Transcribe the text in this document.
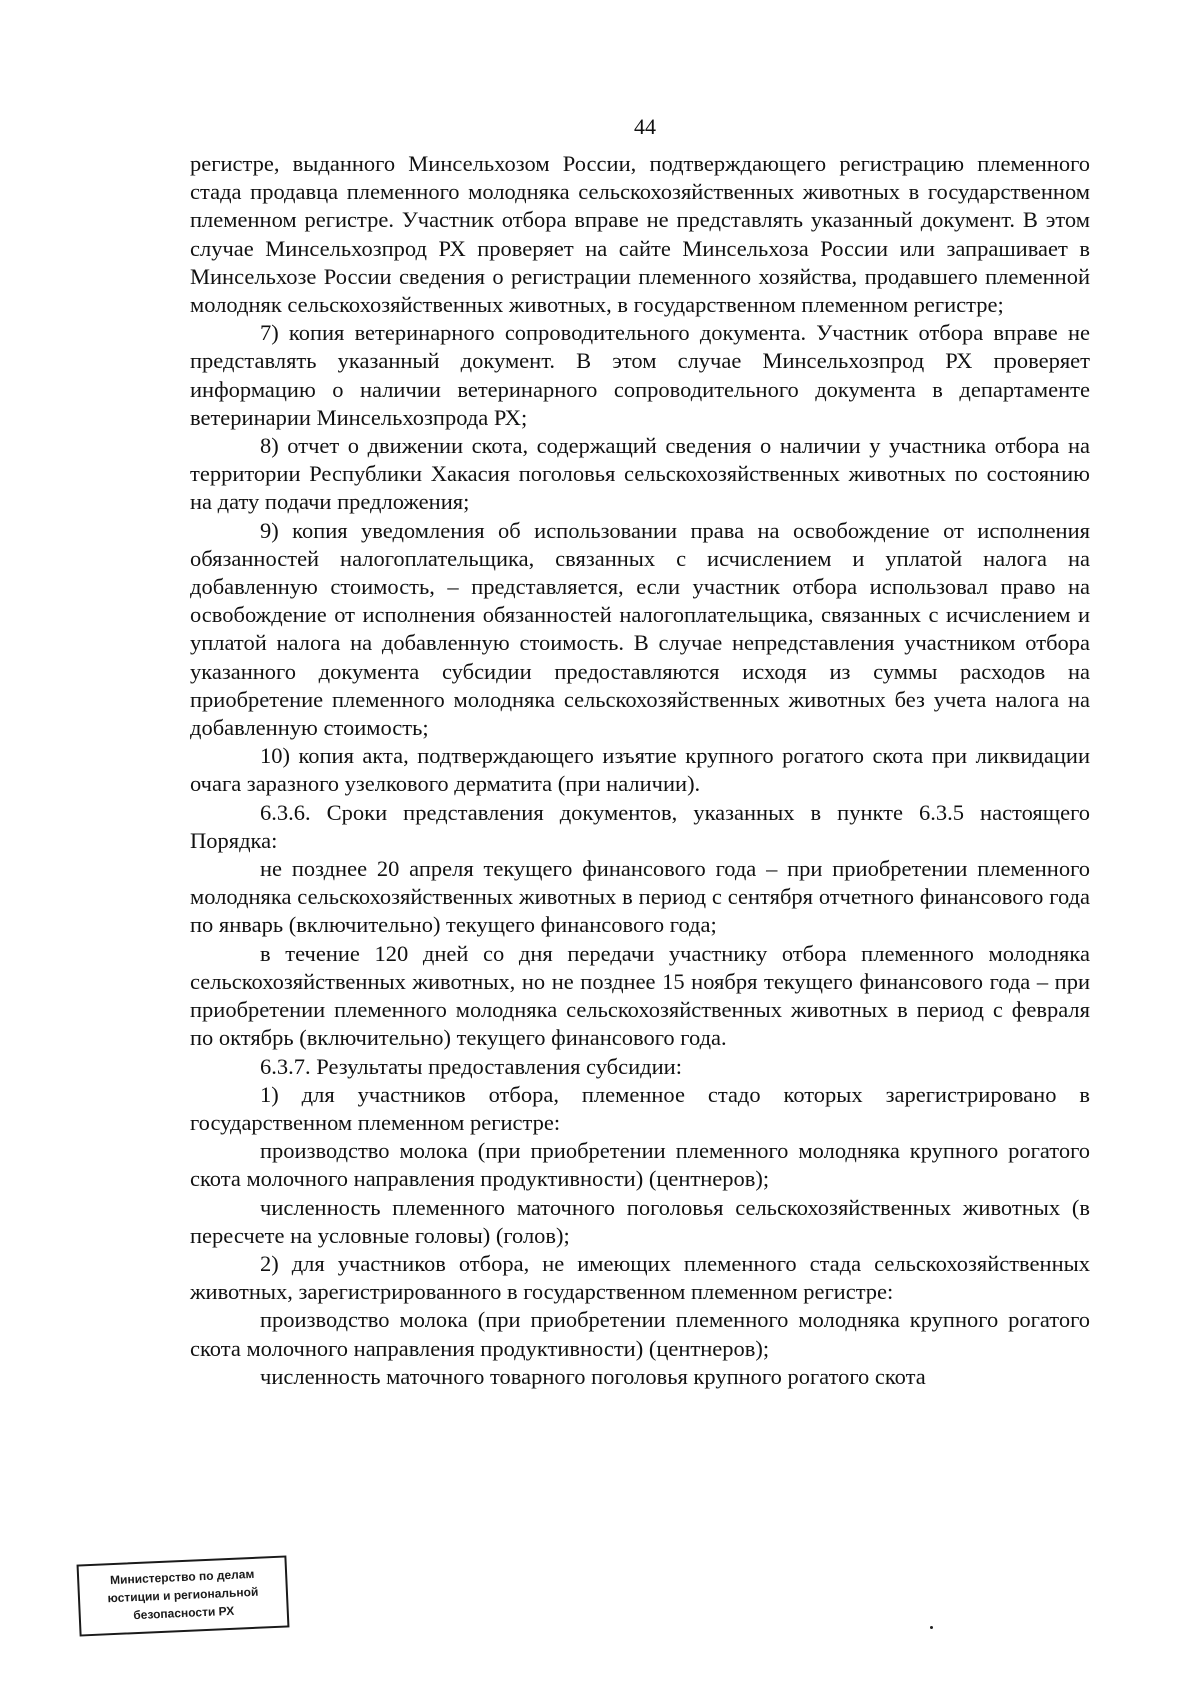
44

регистре, выданного Минсельхозом России, подтверждающего регистрацию племенного стада продавца племенного молодняка сельскохозяйственных животных в государственном племенном регистре. Участник отбора вправе не представлять указанный документ. В этом случае Минсельхозпрод РХ проверяет на сайте Минсельхоза России или запрашивает в Минсельхозе России сведения о регистрации племенного хозяйства, продавшего племенной молодняк сельскохозяйственных животных, в государственном племенном регистре;

7) копия ветеринарного сопроводительного документа. Участник отбора вправе не представлять указанный документ. В этом случае Минсельхозпрод РХ проверяет информацию о наличии ветеринарного сопроводительного документа в департаменте ветеринарии Минсельхозпрода РХ;

8) отчет о движении скота, содержащий сведения о наличии у участника отбора на территории Республики Хакасия поголовья сельскохозяйственных животных по состоянию на дату подачи предложения;

9) копия уведомления об использовании права на освобождение от исполнения обязанностей налогоплательщика, связанных с исчислением и уплатой налога на добавленную стоимость, – представляется, если участник отбора использовал право на освобождение от исполнения обязанностей налогоплательщика, связанных с исчислением и уплатой налога на добавленную стоимость. В случае непредставления участником отбора указанного документа субсидии предоставляются исходя из суммы расходов на приобретение племенного молодняка сельскохозяйственных животных без учета налога на добавленную стоимость;

10) копия акта, подтверждающего изъятие крупного рогатого скота при ликвидации очага заразного узелкового дерматита (при наличии).

6.3.6. Сроки представления документов, указанных в пункте 6.3.5 настоящего Порядка:

не позднее 20 апреля текущего финансового года – при приобретении племенного молодняка сельскохозяйственных животных в период с сентября отчетного финансового года по январь (включительно) текущего финансового года;

в течение 120 дней со дня передачи участнику отбора племенного молодняка сельскохозяйственных животных, но не позднее 15 ноября текущего финансового года – при приобретении племенного молодняка сельскохозяйственных животных в период с февраля по октябрь (включительно) текущего финансового года.

6.3.7. Результаты предоставления субсидии:

1) для участников отбора, племенное стадо которых зарегистрировано в государственном племенном регистре:

производство молока (при приобретении племенного молодняка крупного рогатого скота молочного направления продуктивности) (центнеров);

численность племенного маточного поголовья сельскохозяйственных животных (в пересчете на условные головы) (голов);

2) для участников отбора, не имеющих племенного стада сельскохозяйственных животных, зарегистрированного в государственном племенном регистре:

производство молока (при приобретении племенного молодняка крупного рогатого скота молочного направления продуктивности) (центнеров);

численность маточного товарного поголовья крупного рогатого скота

Министерство по делам
юстиции и региональной
безопасности РХ
